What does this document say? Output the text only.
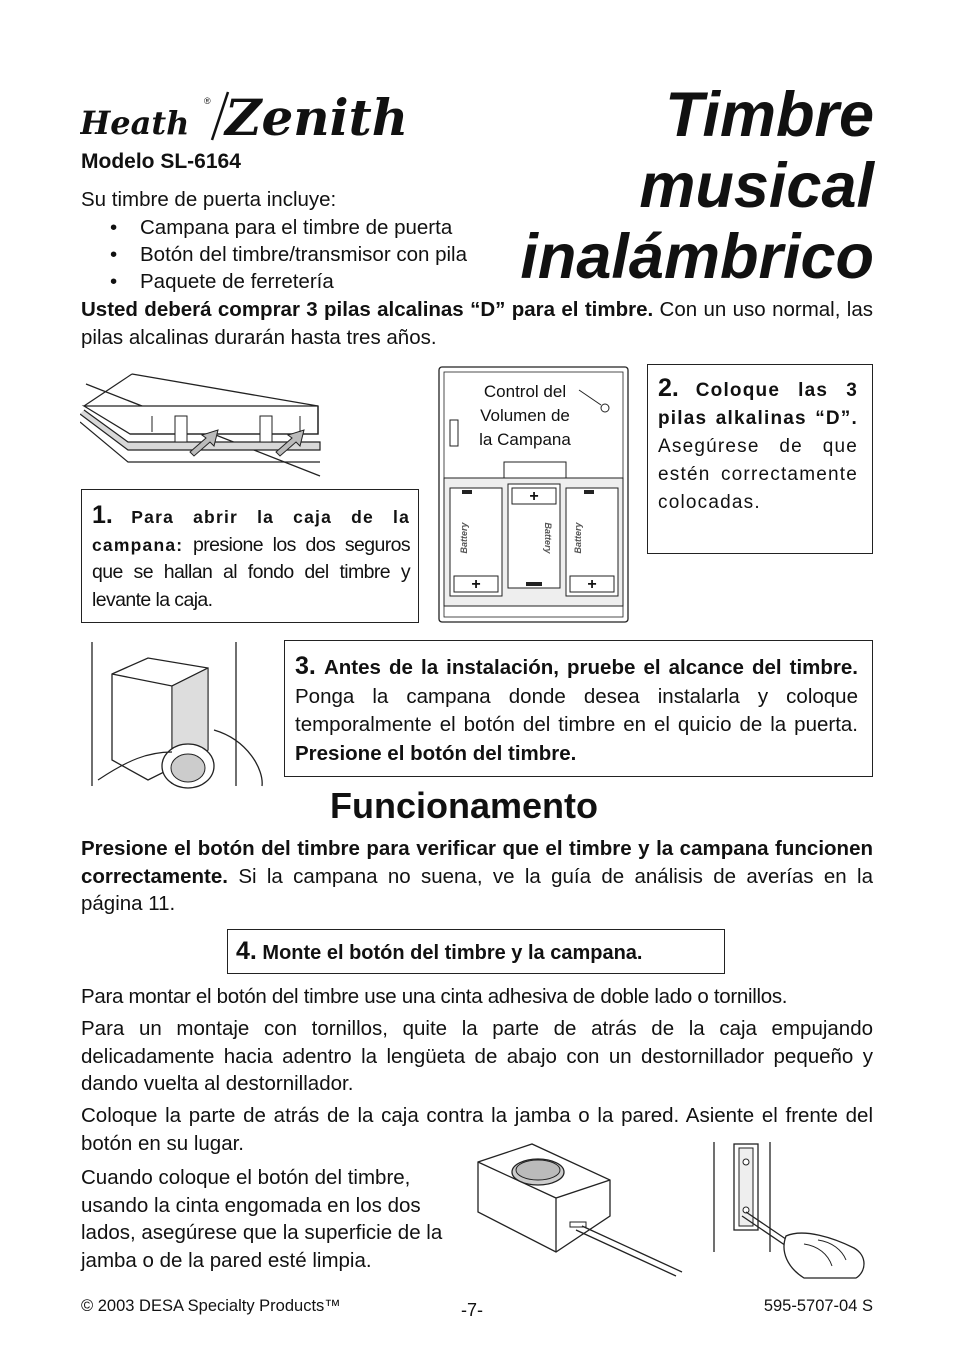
Heath
® Zenith
Modelo SL-6164
Timbre
musical
inalámbrico
Su timbre de puerta incluye:
• Campana para el timbre de puerta
• Botón del timbre/transmisor con pila
• Paquete de ferretería

Usted deberá comprar 3 pilas alcalinas “D” para el timbre. Con un uso normal, las pilas alcalinas durarán hasta tres años.

+
+
+
Battery	Battery Battery
Control del
Volumen de
la Campana
1. Para abrir la caja de la campana: presione los dos seguros que se hallan al fondo del timbre y levante la caja.
2. Coloque las 3 pilas alkalinas “D”. Asegúrese de que estén correctamente colocadas.
3. Antes de la instalación, pruebe el alcance del timbre. Ponga la campana donde desea instalarla y coloque temporalmente el botón del timbre en el quicio de la puerta. Presione el botón del timbre.
Funcionamento

Presione el botón del timbre para verificar que el timbre y la campana funcionen correctamente. Si la campana no suena, ve la guía de análisis de averías en la página 11.

4. Monte el botón del timbre y la campana.

Para montar el botón del timbre use una cinta adhesiva de doble lado o tornillos.

Para un montaje con tornillos, quite la parte de atrás de la caja empujando delicadamente hacia adentro la lengüeta de abajo con un destornillador pequeño y dando vuelta al destornillador.

Coloque la parte de atrás de la caja contra la jamba o la pared. Asiente el frente del botón en su lugar.

Cuando coloque el botón del timbre, usando la cinta engomada en los dos lados, asegúrese que la superficie de la jamba o de la pared esté limpia.

© 2003 DESA Specialty Products™	-7-	595-5707-04 S
